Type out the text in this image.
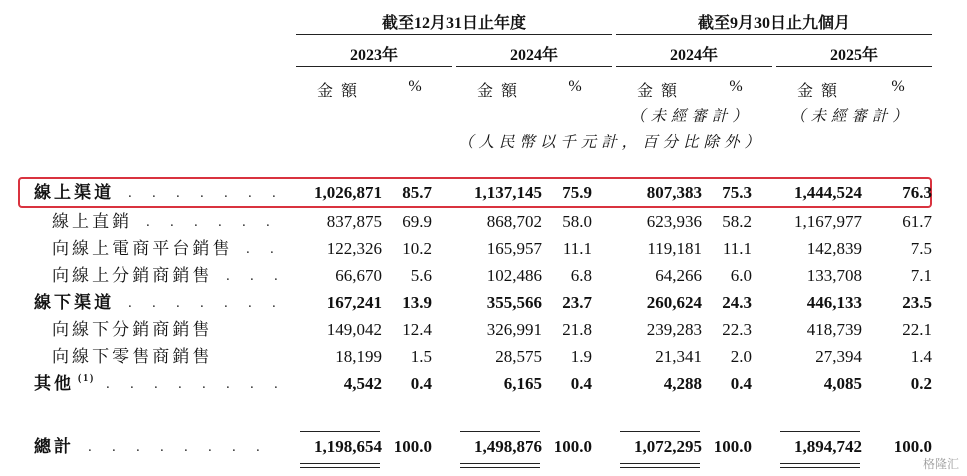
截至12月31日止年度	截至9月30日止九個月
2023年	2024年	2024年	2025年
金額	%	金額	%	金額	%	金額	%
（未經審計） （未經審計）
（人民幣以千元計，百分比除外）
線上渠道 . . . . . . .	1,026,871	85.7	1,137,145	75.9	807,383	75.3	1,444,524	76.3
線上直銷 . . . . . .	837,875	69.9	868,702	58.0	623,936	58.2	1,167,977	61.7
向線上電商平台銷售 . .	122,326	10.2	165,957	11.1	119,181	11.1	142,839	7.5
向線上分銷商銷售 . . .	66,670	5.6	102,486	6.8	64,266	6.0	133,708	7.1
線下渠道 . . . . . . .	167,241	13.9	355,566	23.7	260,624	24.3	446,133	23.5
向線下分銷商銷售	149,042	12.4	326,991	21.8	239,283	22.3	418,739	22.1
向線下零售商銷售	18,199	1.5	28,575	1.9	21,341	2.0	27,394	1.4
其他 (1) . . . . . . . .	4,542	0.4	6,165	0.4	4,288	0.4	4,085	0.2
總計 . . . . . . . .	1,198,654 100.0	1,498,876 100.0	1,072,295 100.0	1,894,742	100.0
格隆汇
